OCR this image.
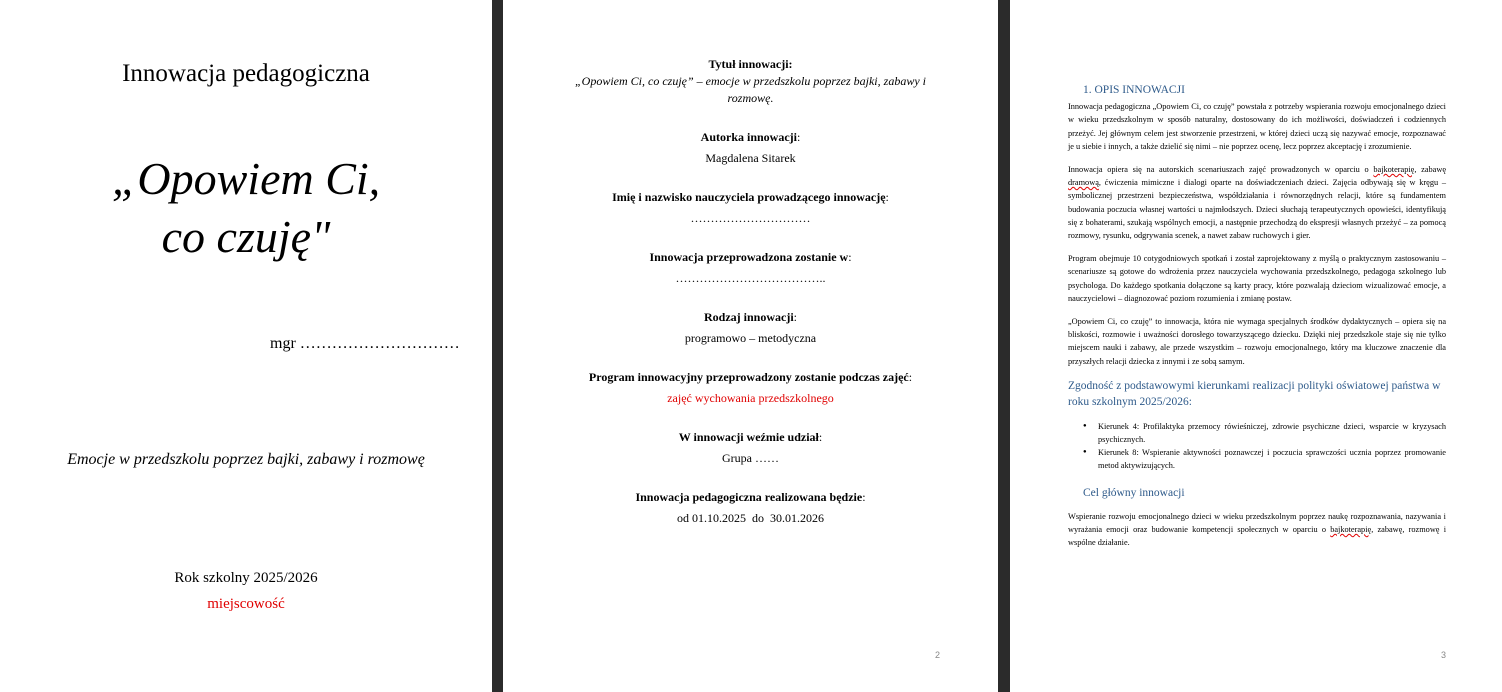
Innowacja pedagogiczna
„Opowiem Ci,
co czuję"
mgr …………………………
Emocje w przedszkolu poprzez bajki, zabawy i rozmowę
Rok szkolny 2025/2026
miejscowość
Tytuł innowacji:
„Opowiem Ci, co czuję” – emocje w przedszkolu poprzez bajki, zabawy i rozmowę.
Autorka innowacji:
Magdalena Sitarek
Imię i nazwisko nauczyciela prowadzącego innowację:
…………………………
Innowacja przeprowadzona zostanie w:
………………………………..
Rodzaj innowacji:
programowo – metodyczna
Program innowacyjny przeprowadzony zostanie podczas zajęć:
zajęć wychowania przedszkolnego
W innowacji weźmie udział:
Grupa ……
Innowacja pedagogiczna realizowana będzie:
od 01.10.2025  do  30.01.2026
2
1. OPIS INNOWACJI

Innowacja pedagogiczna „Opowiem Ci, co czuję” powstała z potrzeby wspierania rozwoju emocjonalnego dzieci w wieku przedszkolnym w sposób naturalny, dostosowany do ich możliwości, doświadczeń i codziennych przeżyć. Jej głównym celem jest stworzenie przestrzeni, w której dzieci uczą się nazywać emocje, rozpoznawać je u siebie i innych, a także dzielić się nimi – nie poprzez ocenę, lecz poprzez akceptację i zrozumienie.

Innowacja opiera się na autorskich scenariuszach zajęć prowadzonych w oparciu o bajkoterapię, zabawę dramową, ćwiczenia mimiczne i dialogi oparte na doświadczeniach dzieci. Zajęcia odbywają się w kręgu – symbolicznej przestrzeni bezpieczeństwa, współdziałania i równorzędnych relacji, które są fundamentem budowania poczucia własnej wartości u najmłodszych. Dzieci słuchają terapeutycznych opowieści, identyfikują się z bohaterami, szukają wspólnych emocji, a następnie przechodzą do ekspresji własnych przeżyć – za pomocą rozmowy, rysunku, odgrywania scenek, a nawet zabaw ruchowych i gier.

Program obejmuje 10 cotygodniowych spotkań i został zaprojektowany z myślą o praktycznym zastosowaniu – scenariusze są gotowe do wdrożenia przez nauczyciela wychowania przedszkolnego, pedagoga szkolnego lub psychologa. Do każdego spotkania dołączone są karty pracy, które pozwalają dzieciom wizualizować emocje, a nauczycielowi – diagnozować poziom rozumienia i zmianę postaw.

„Opowiem Ci, co czuję” to innowacja, która nie wymaga specjalnych środków dydaktycznych – opiera się na bliskości, rozmowie i uważności dorosłego towarzyszącego dziecku. Dzięki niej przedszkole staje się nie tylko miejscem nauki i zabawy, ale przede wszystkim – rozwoju emocjonalnego, który ma kluczowe znaczenie dla przyszłych relacji dziecka z innymi i ze sobą samym.

Zgodność z podstawowymi kierunkami realizacji polityki oświatowej państwa w roku szkolnym 2025/2026:
● Kierunek 4: Profilaktyka przemocy rówieśniczej, zdrowie psychiczne dzieci, wsparcie w kryzysach psychicznych.
● Kierunek 8: Wspieranie aktywności poznawczej i poczucia sprawczości ucznia poprzez promowanie metod aktywizujących.
Cel główny innowacji

Wspieranie rozwoju emocjonalnego dzieci w wieku przedszkolnym poprzez naukę rozpoznawania, nazywania i wyrażania emocji oraz budowanie kompetencji społecznych w oparciu o bajkoterapię, zabawę, rozmowę i wspólne działanie.

3
